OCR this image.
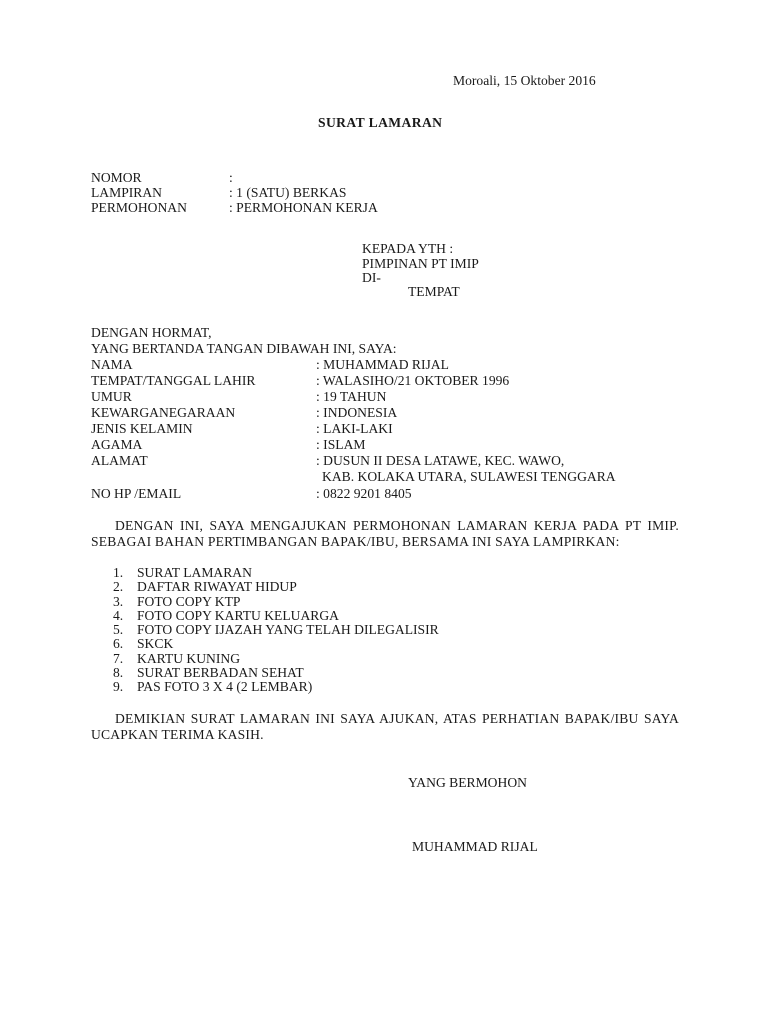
Moroali, 15 Oktober 2016
SURAT LAMARAN
NOMOR	:
LAMPIRAN	: 1 (SATU) BERKAS
PERMOHONAN	: PERMOHONAN KERJA
KEPADA YTH :
PIMPINAN PT IMIP
DI-
TEMPAT
DENGAN HORMAT,
YANG BERTANDA TANGAN DIBAWAH INI, SAYA:
NAMA	: MUHAMMAD RIJAL
TEMPAT/TANGGAL LAHIR	: WALASIHO/21 OKTOBER 1996
UMUR	: 19 TAHUN
KEWARGANEGARAAN	: INDONESIA
JENIS KELAMIN	: LAKI-LAKI
AGAMA	: ISLAM
ALAMAT	: DUSUN II DESA LATAWE, KEC. WAWO,
KAB. KOLAKA UTARA, SULAWESI TENGGARA
NO HP /EMAIL	: 0822 9201 8405
DENGAN INI, SAYA MENGAJUKAN PERMOHONAN LAMARAN KERJA PADA PT IMIP. SEBAGAI BAHAN PERTIMBANGAN BAPAK/IBU, BERSAMA INI SAYA LAMPIRKAN:
1. SURAT LAMARAN
2. DAFTAR RIWAYAT HIDUP
3. FOTO COPY KTP
4. FOTO COPY KARTU KELUARGA
5. FOTO COPY IJAZAH YANG TELAH DILEGALISIR
6. SKCK
7. KARTU KUNING
8. SURAT BERBADAN SEHAT
9. PAS FOTO 3 X 4 (2 LEMBAR)
DEMIKIAN SURAT LAMARAN INI SAYA AJUKAN, ATAS PERHATIAN BAPAK/IBU SAYA UCAPKAN TERIMA KASIH.
YANG BERMOHON
MUHAMMAD RIJAL
